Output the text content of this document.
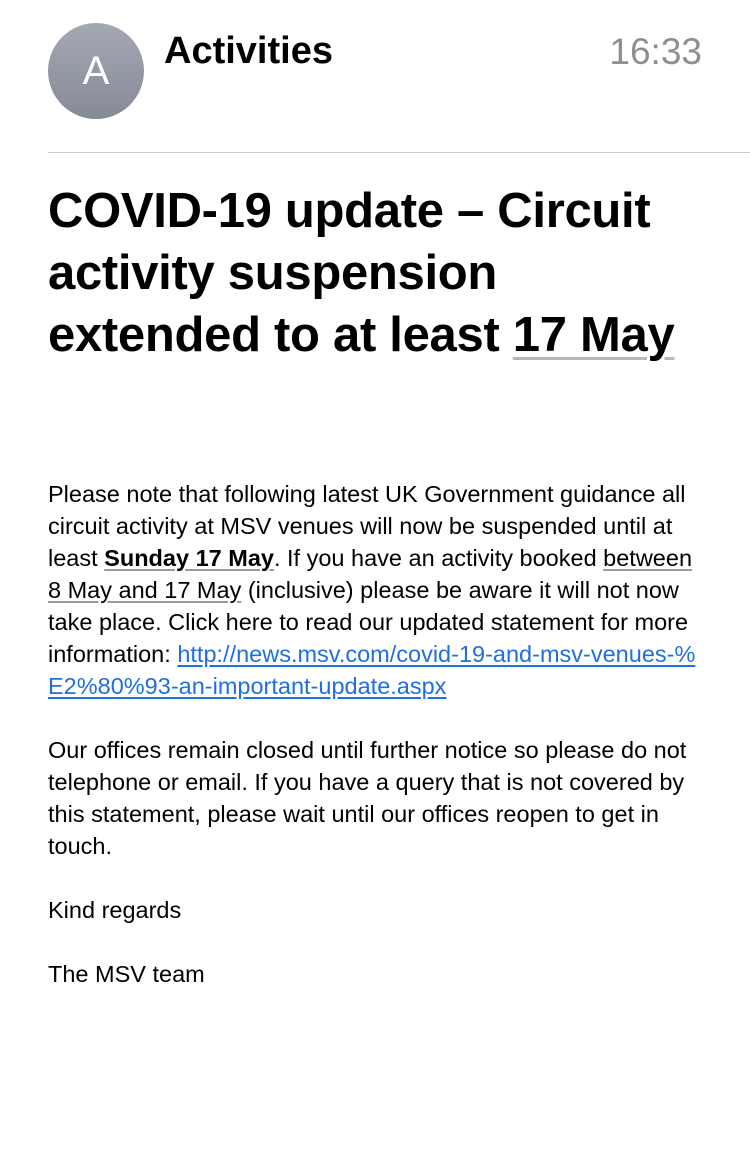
A Activities	16:33
COVID-19 update – Circuit activity suspension extended to at least 17 May

Please note that following latest UK Government guidance all circuit activity at MSV venues will now be suspended until at least Sunday 17 May. If you have an activity booked between 8 May and 17 May (inclusive) please be aware it will not now take place. Click here to read our updated statement for more information: http://news.msv.com/covid-19-and-msv-venues-%E2%80%93-an-important-update.aspx

Our offices remain closed until further notice so please do not telephone or email. If you have a query that is not covered by this statement, please wait until our offices reopen to get in touch.

Kind regards

The MSV team
